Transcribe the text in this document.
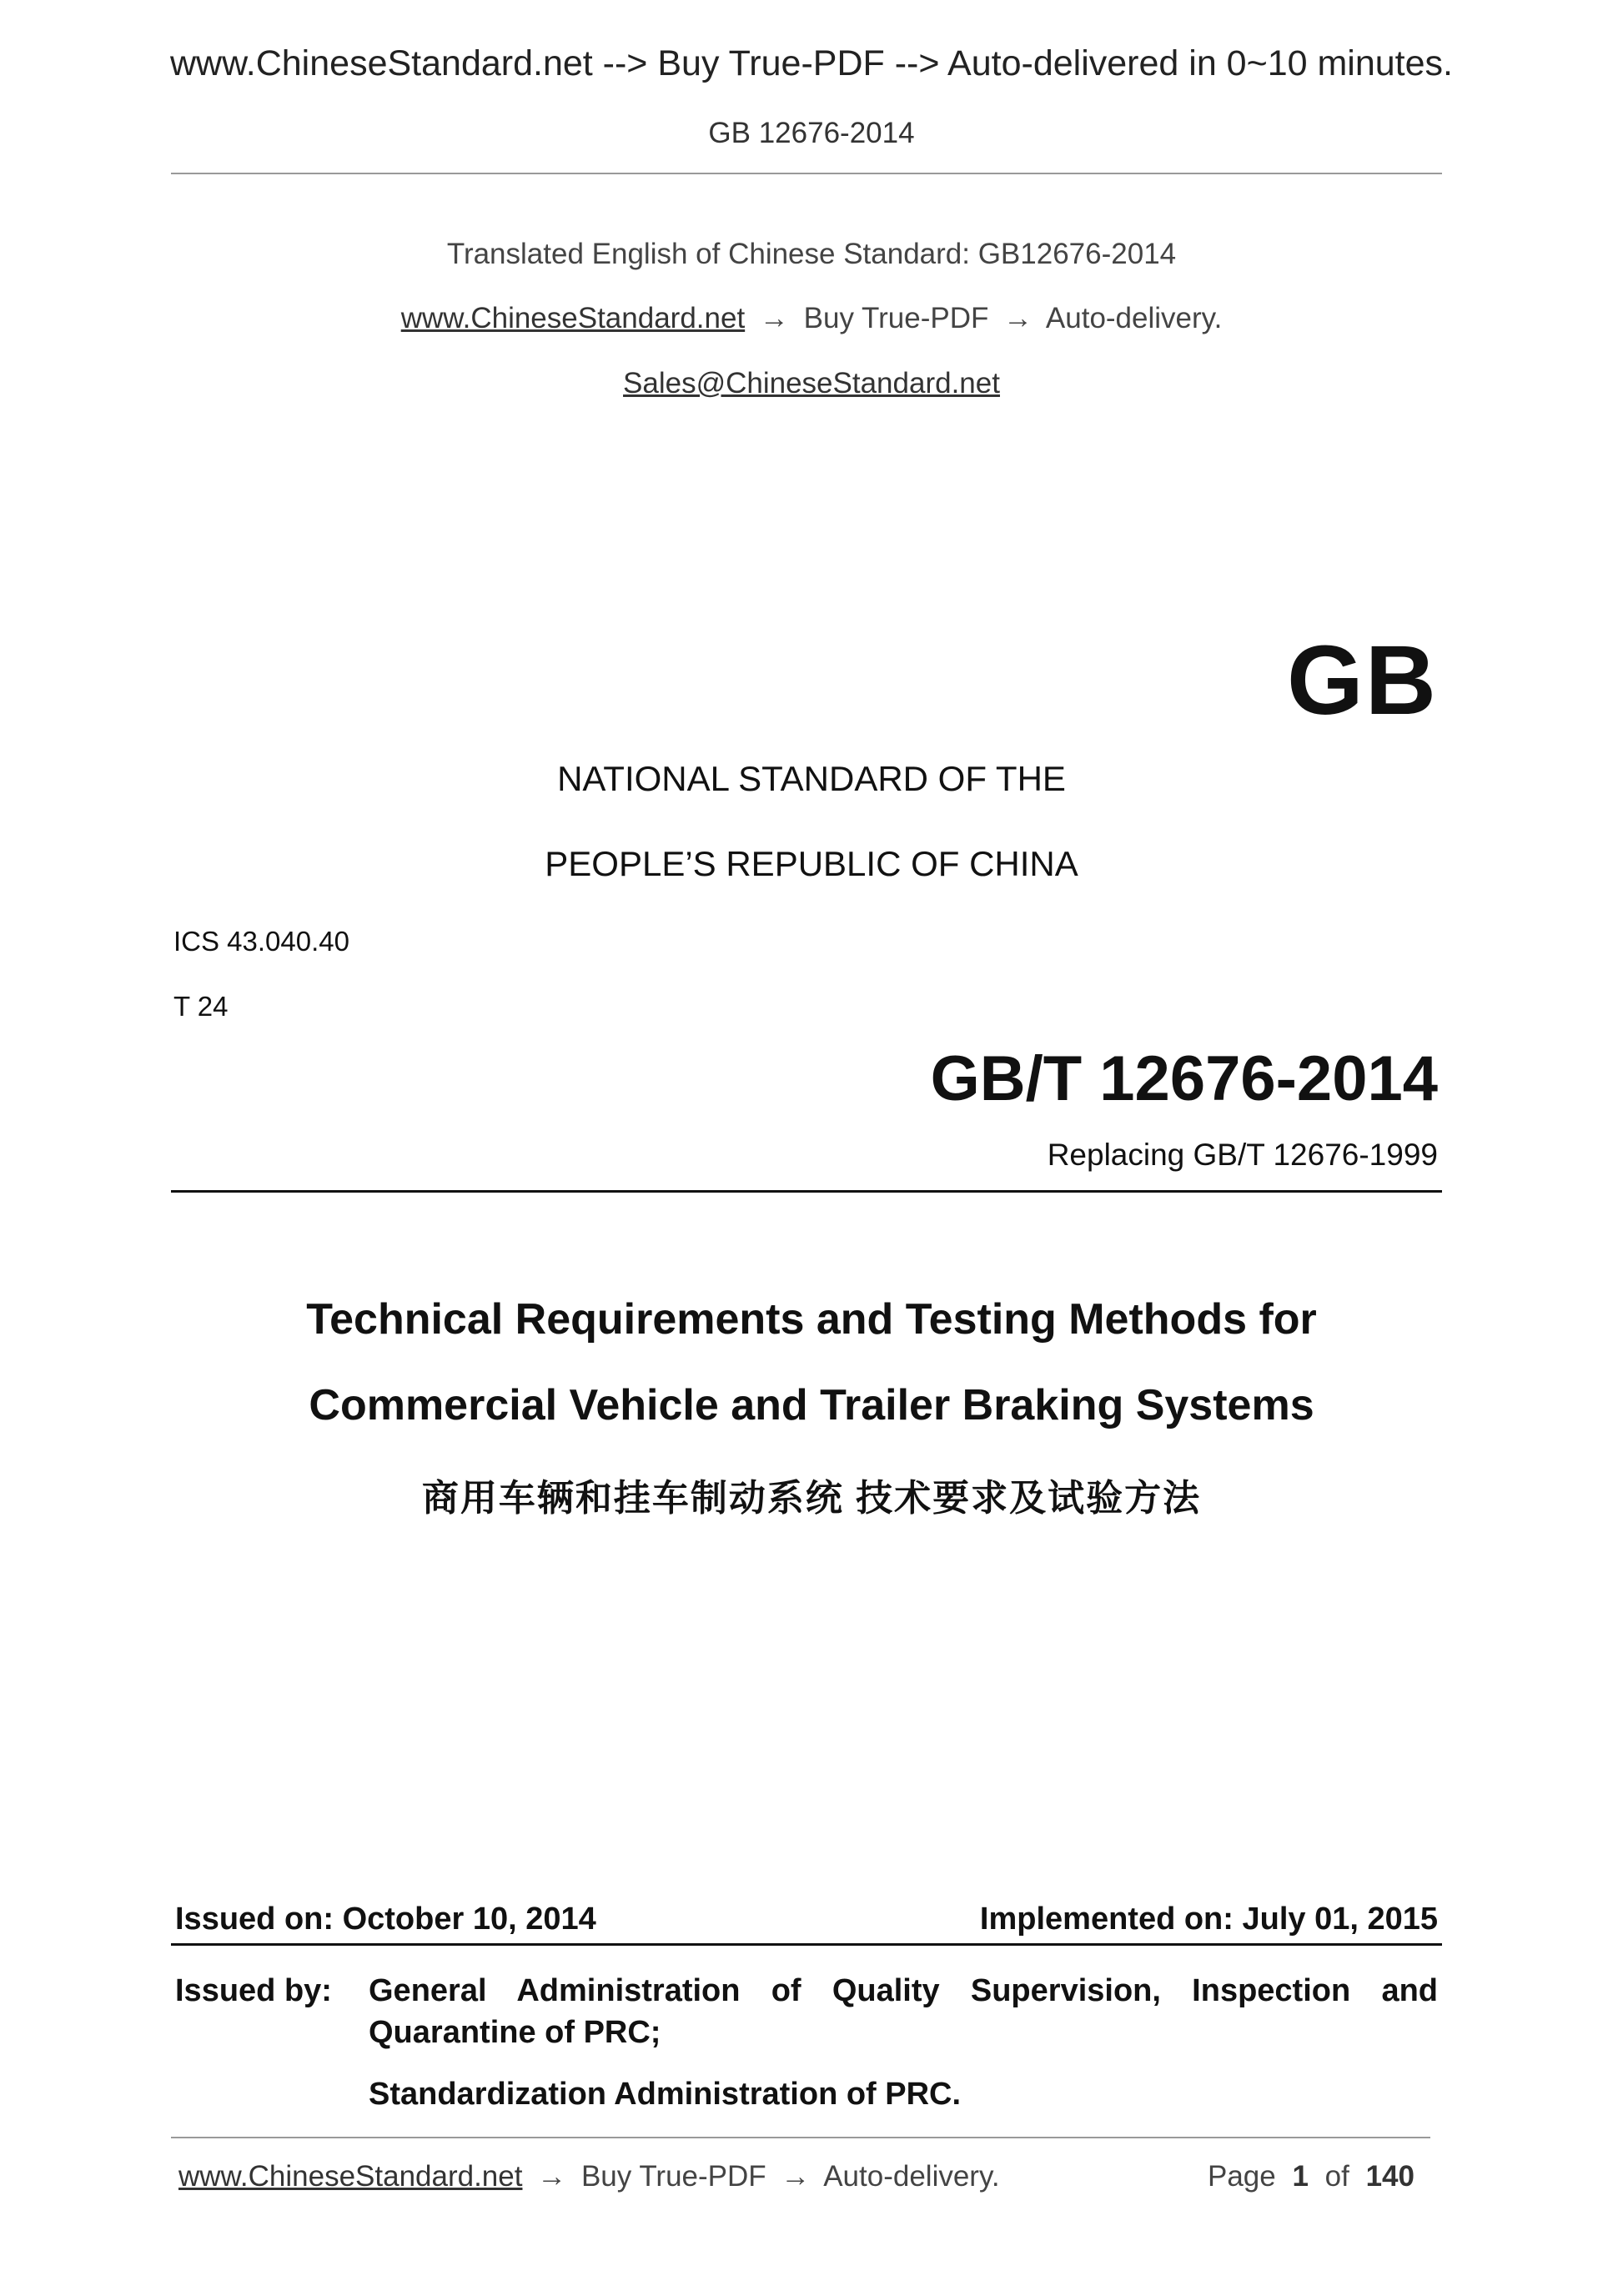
www.ChineseStandard.net --> Buy True-PDF --> Auto-delivered in 0~10 minutes.
GB 12676-2014
Translated English of Chinese Standard: GB12676-2014
www.ChineseStandard.net → Buy True-PDF → Auto-delivery.
Sales@ChineseStandard.net
GB
NATIONAL STANDARD OF THE
PEOPLE’S REPUBLIC OF CHINA
ICS 43.040.40
T 24
GB/T 12676-2014
Replacing GB/T 12676-1999
Technical Requirements and Testing Methods for
Commercial Vehicle and Trailer Braking Systems
商用车辆和挂车制动系统 技术要求及试验方法
Issued on: October 10, 2014	Implemented on: July 01, 2015
Issued by: General Administration of Quality Supervision, Inspection and
Quarantine of PRC;
Standardization Administration of PRC.
www.ChineseStandard.net → Buy True-PDF → Auto-delivery.	Page 1 of 140
